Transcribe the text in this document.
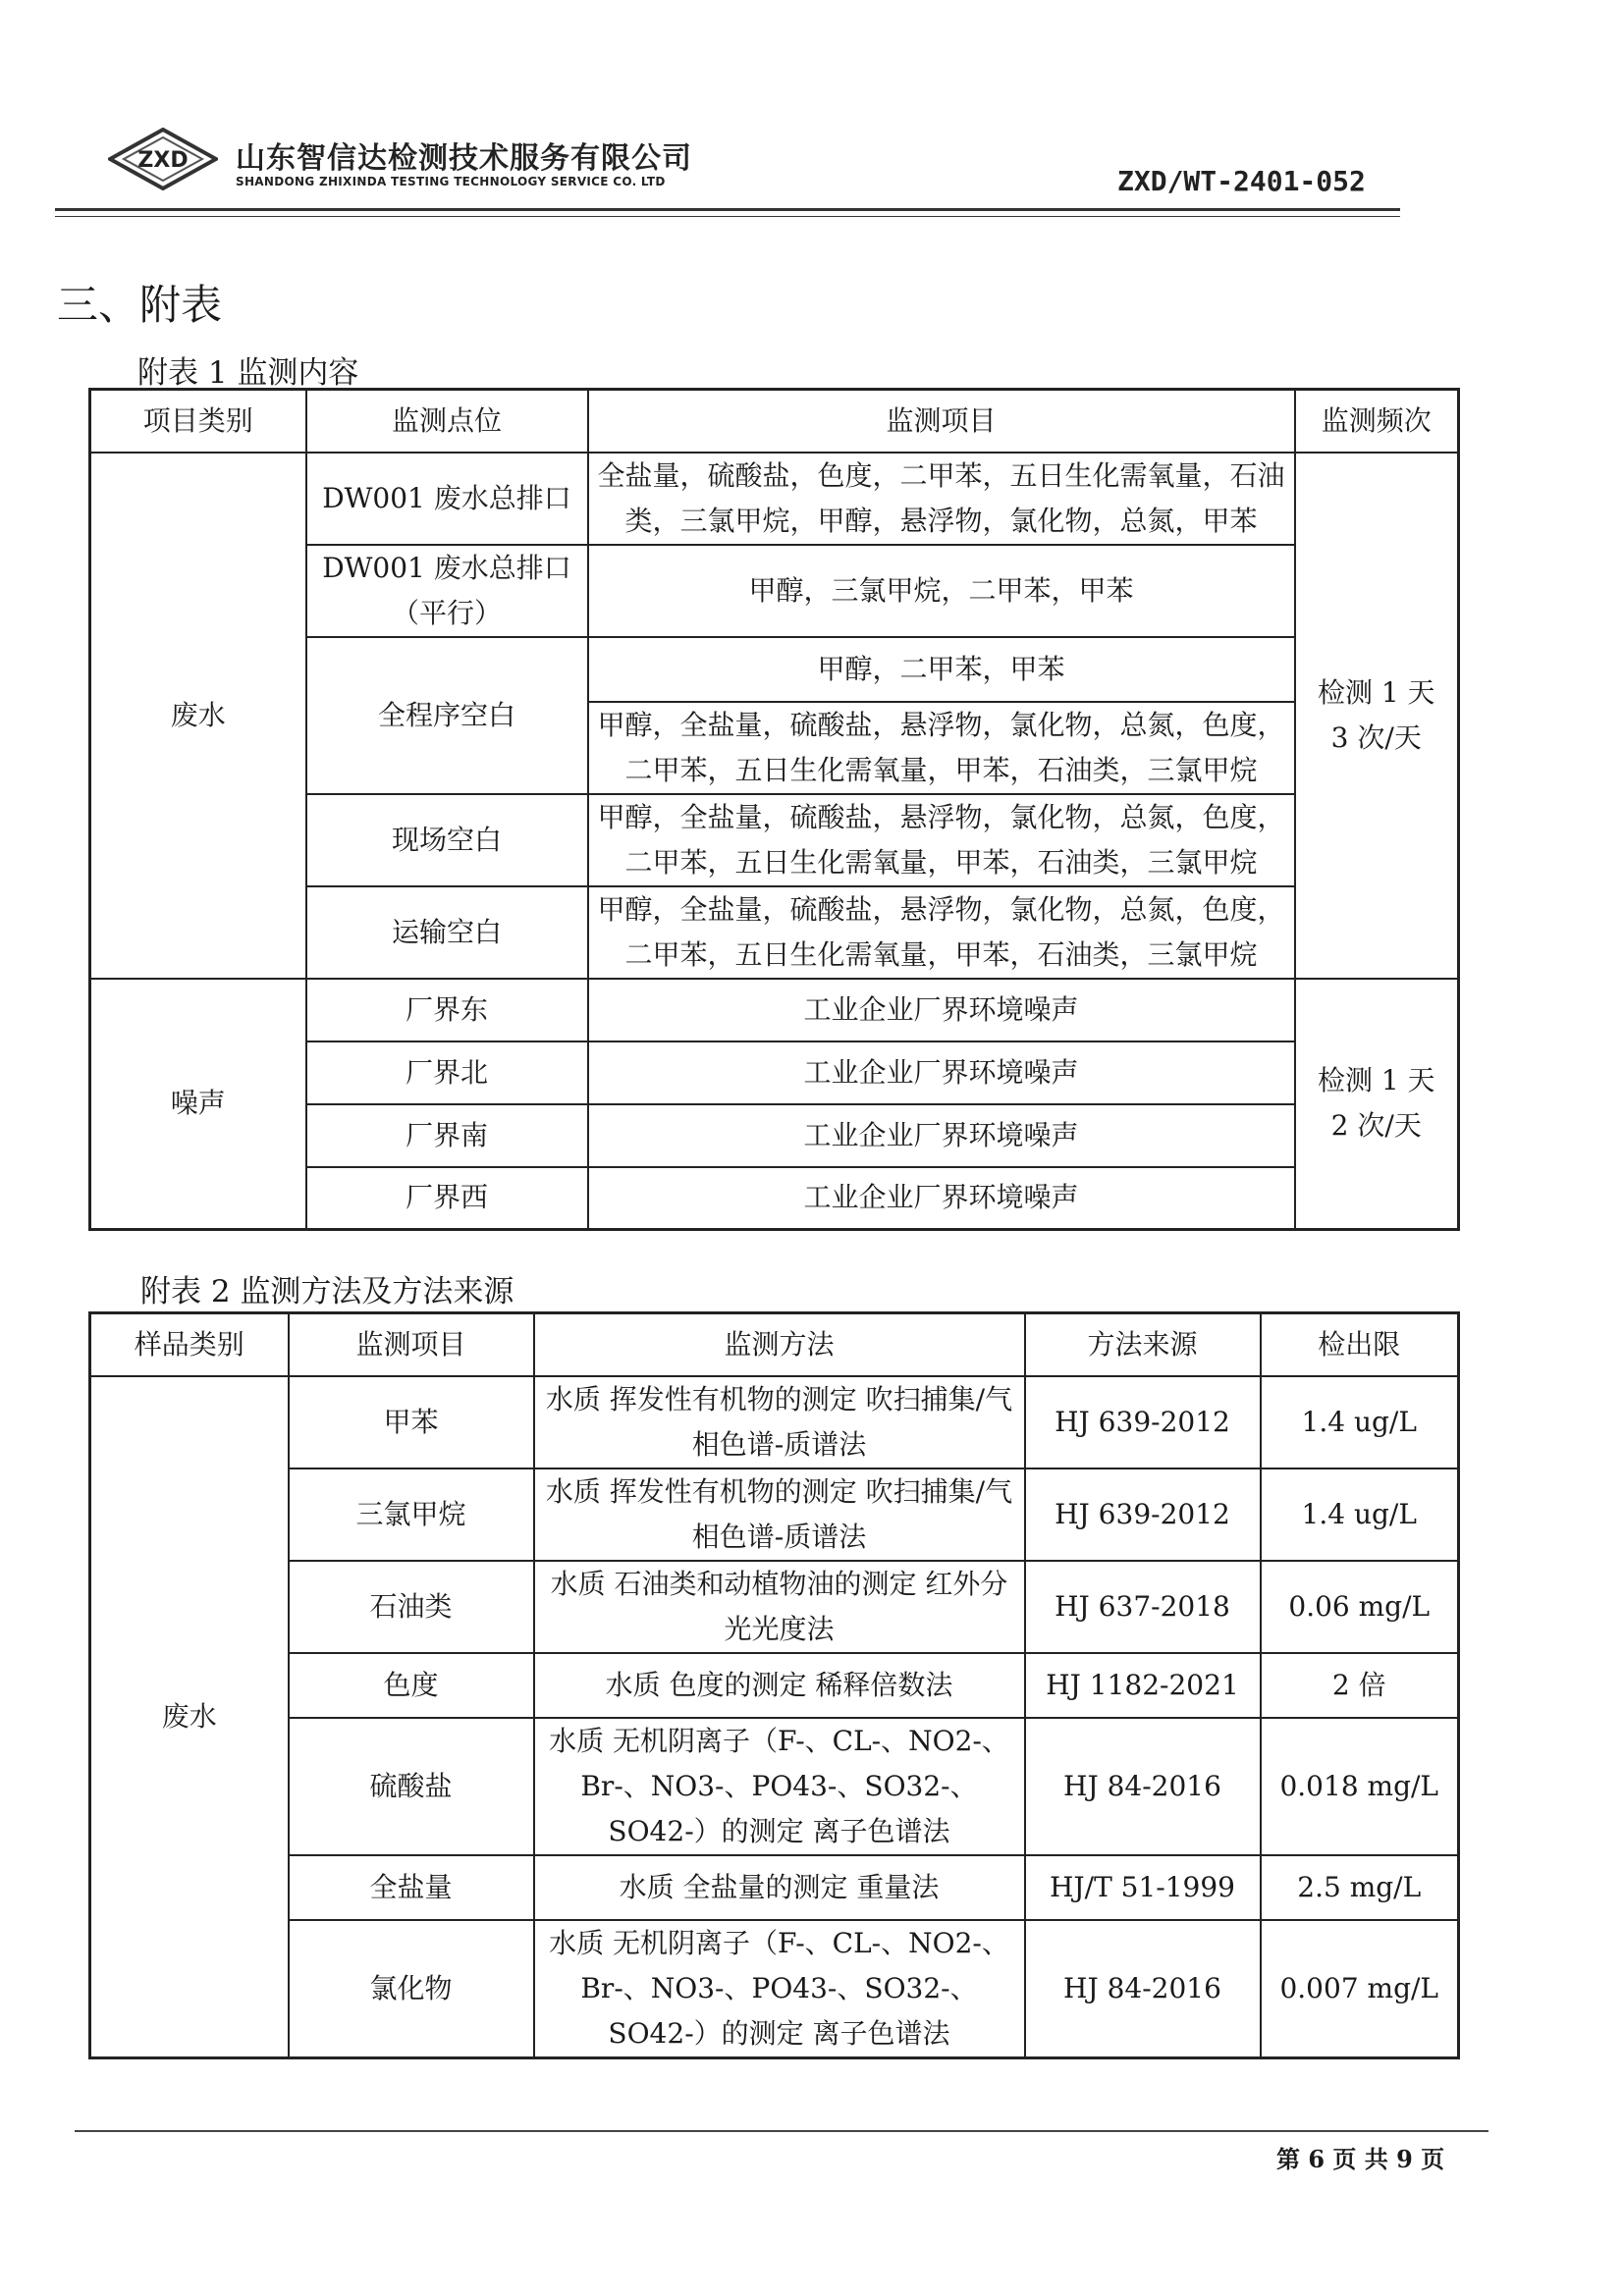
ZXD 山东智信达检测技术服务有限公司
SHANDONG ZHIXINDA TESTING TECHNOLOGY SERVICE CO. LTD	ZXD/WT-2401-052
三、附表
附表 1 监测内容
项目类别	监测点位	监测项目	监测频次
废水	DW001 废水总排口	全盐量，硫酸盐，色度，二甲苯，五日生化需氧量，石油类，三氯甲烷，甲醇，悬浮物，氯化物，总氮，甲苯	检测 1 天
3 次/天

	DW001 废水总排口（平行）	甲醇，三氯甲烷，二甲苯，甲苯	
	全程序空白	甲醇，二甲苯，甲苯	
		甲醇，全盐量，硫酸盐，悬浮物，氯化物，总氮，色度，二甲苯，五日生化需氧量，甲苯，石油类，三氯甲烷	
	现场空白	甲醇，全盐量，硫酸盐，悬浮物，氯化物，总氮，色度，二甲苯，五日生化需氧量，甲苯，石油类，三氯甲烷	
	运输空白	甲醇，全盐量，硫酸盐，悬浮物，氯化物，总氮，色度，二甲苯，五日生化需氧量，甲苯，石油类，三氯甲烷	
噪声	厂界东	工业企业厂界环境噪声	检测 1 天
2 次/天

	厂界北	工业企业厂界环境噪声	
	厂界南	工业企业厂界环境噪声	
	厂界西	工业企业厂界环境噪声	
附表 2 监测方法及方法来源
样品类别	监测项目	监测方法	方法来源	检出限
废水	甲苯	水质 挥发性有机物的测定 吹扫捕集/气相色谱-质谱法	HJ 639-2012	1.4 ug/L
	三氯甲烷	水质 挥发性有机物的测定 吹扫捕集/气相色谱-质谱法	HJ 639-2012	1.4 ug/L
	石油类	水质 石油类和动植物油的测定 红外分光光度法	HJ 637-2018	0.06 mg/L
	色度	水质 色度的测定 稀释倍数法	HJ 1182-2021	2 倍
	硫酸盐	水质 无机阴离子（F-、CL-、NO2-、Br-、NO3-、PO43-、SO32-、SO42-）的测定 离子色谱法	HJ 84-2016	0.018 mg/L
	全盐量	水质 全盐量的测定 重量法	HJ/T 51-1999	2.5 mg/L
	氯化物	水质 无机阴离子（F-、CL-、NO2-、Br-、NO3-、PO43-、SO32-、SO42-）的测定 离子色谱法	HJ 84-2016	0.007 mg/L
第 6 页 共 9 页
